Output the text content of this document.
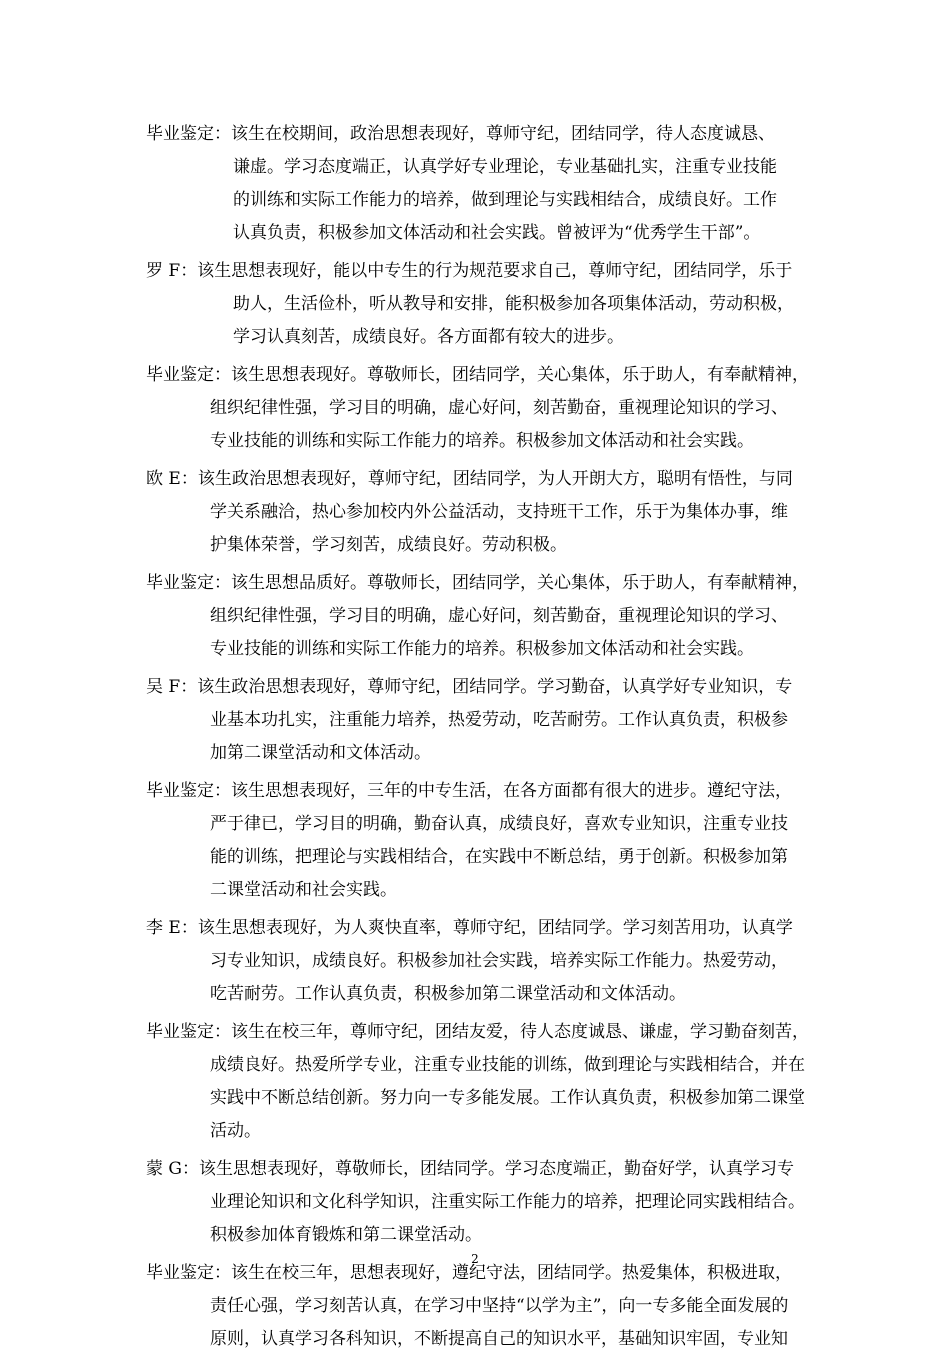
毕业鉴定：该生在校期间，政治思想表现好，尊师守纪，团结同学，待人态度诚恳、
谦虚。学习态度端正，认真学好专业理论，专业基础扎实，注重专业技能
的训练和实际工作能力的培养，做到理论与实践相结合，成绩良好。工作
认真负责，积极参加文体活动和社会实践。曾被评为“优秀学生干部”。
罗 F：该生思想表现好，能以中专生的行为规范要求自己，尊师守纪，团结同学，乐于
助人，生活俭朴，听从教导和安排，能积极参加各项集体活动，劳动积极，
学习认真刻苦，成绩良好。各方面都有较大的进步。
毕业鉴定：该生思想表现好。尊敬师长，团结同学，关心集体，乐于助人，有奉献精神，
组织纪律性强，学习目的明确，虚心好问，刻苦勤奋，重视理论知识的学习、
专业技能的训练和实际工作能力的培养。积极参加文体活动和社会实践。
欧 E：该生政治思想表现好，尊师守纪，团结同学，为人开朗大方，聪明有悟性，与同
学关系融洽，热心参加校内外公益活动，支持班干工作，乐于为集体办事，维
护集体荣誉，学习刻苦，成绩良好。劳动积极。
毕业鉴定：该生思想品质好。尊敬师长，团结同学，关心集体，乐于助人，有奉献精神，
组织纪律性强，学习目的明确，虚心好问，刻苦勤奋，重视理论知识的学习、
专业技能的训练和实际工作能力的培养。积极参加文体活动和社会实践。
吴 F：该生政治思想表现好，尊师守纪，团结同学。学习勤奋，认真学好专业知识，专
业基本功扎实，注重能力培养，热爱劳动，吃苦耐劳。工作认真负责，积极参
加第二课堂活动和文体活动。
毕业鉴定：该生思想表现好，三年的中专生活，在各方面都有很大的进步。遵纪守法，
严于律已，学习目的明确，勤奋认真，成绩良好，喜欢专业知识，注重专业技
能的训练，把理论与实践相结合，在实践中不断总结，勇于创新。积极参加第
二课堂活动和社会实践。
李 E：该生思想表现好，为人爽快直率，尊师守纪，团结同学。学习刻苦用功，认真学
习专业知识，成绩良好。积极参加社会实践，培养实际工作能力。热爱劳动，
吃苦耐劳。工作认真负责，积极参加第二课堂活动和文体活动。
毕业鉴定：该生在校三年，尊师守纪，团结友爱，待人态度诚恳、谦虚，学习勤奋刻苦，
成绩良好。热爱所学专业，注重专业技能的训练，做到理论与实践相结合，并在
实践中不断总结创新。努力向一专多能发展。工作认真负责，积极参加第二课堂
活动。
蒙 G：该生思想表现好，尊敬师长，团结同学。学习态度端正，勤奋好学，认真学习专
业理论知识和文化科学知识，注重实际工作能力的培养，把理论同实践相结合。
积极参加体育锻炼和第二课堂活动。
毕业鉴定：该生在校三年，思想表现好，遵纪守法，团结同学。热爱集体，积极进取，
责任心强，学习刻苦认真，在学习中坚持“以学为主”，向一专多能全面发展的
原则，认真学习各科知识，不断提高自己的知识水平，基础知识牢固，专业知
2
